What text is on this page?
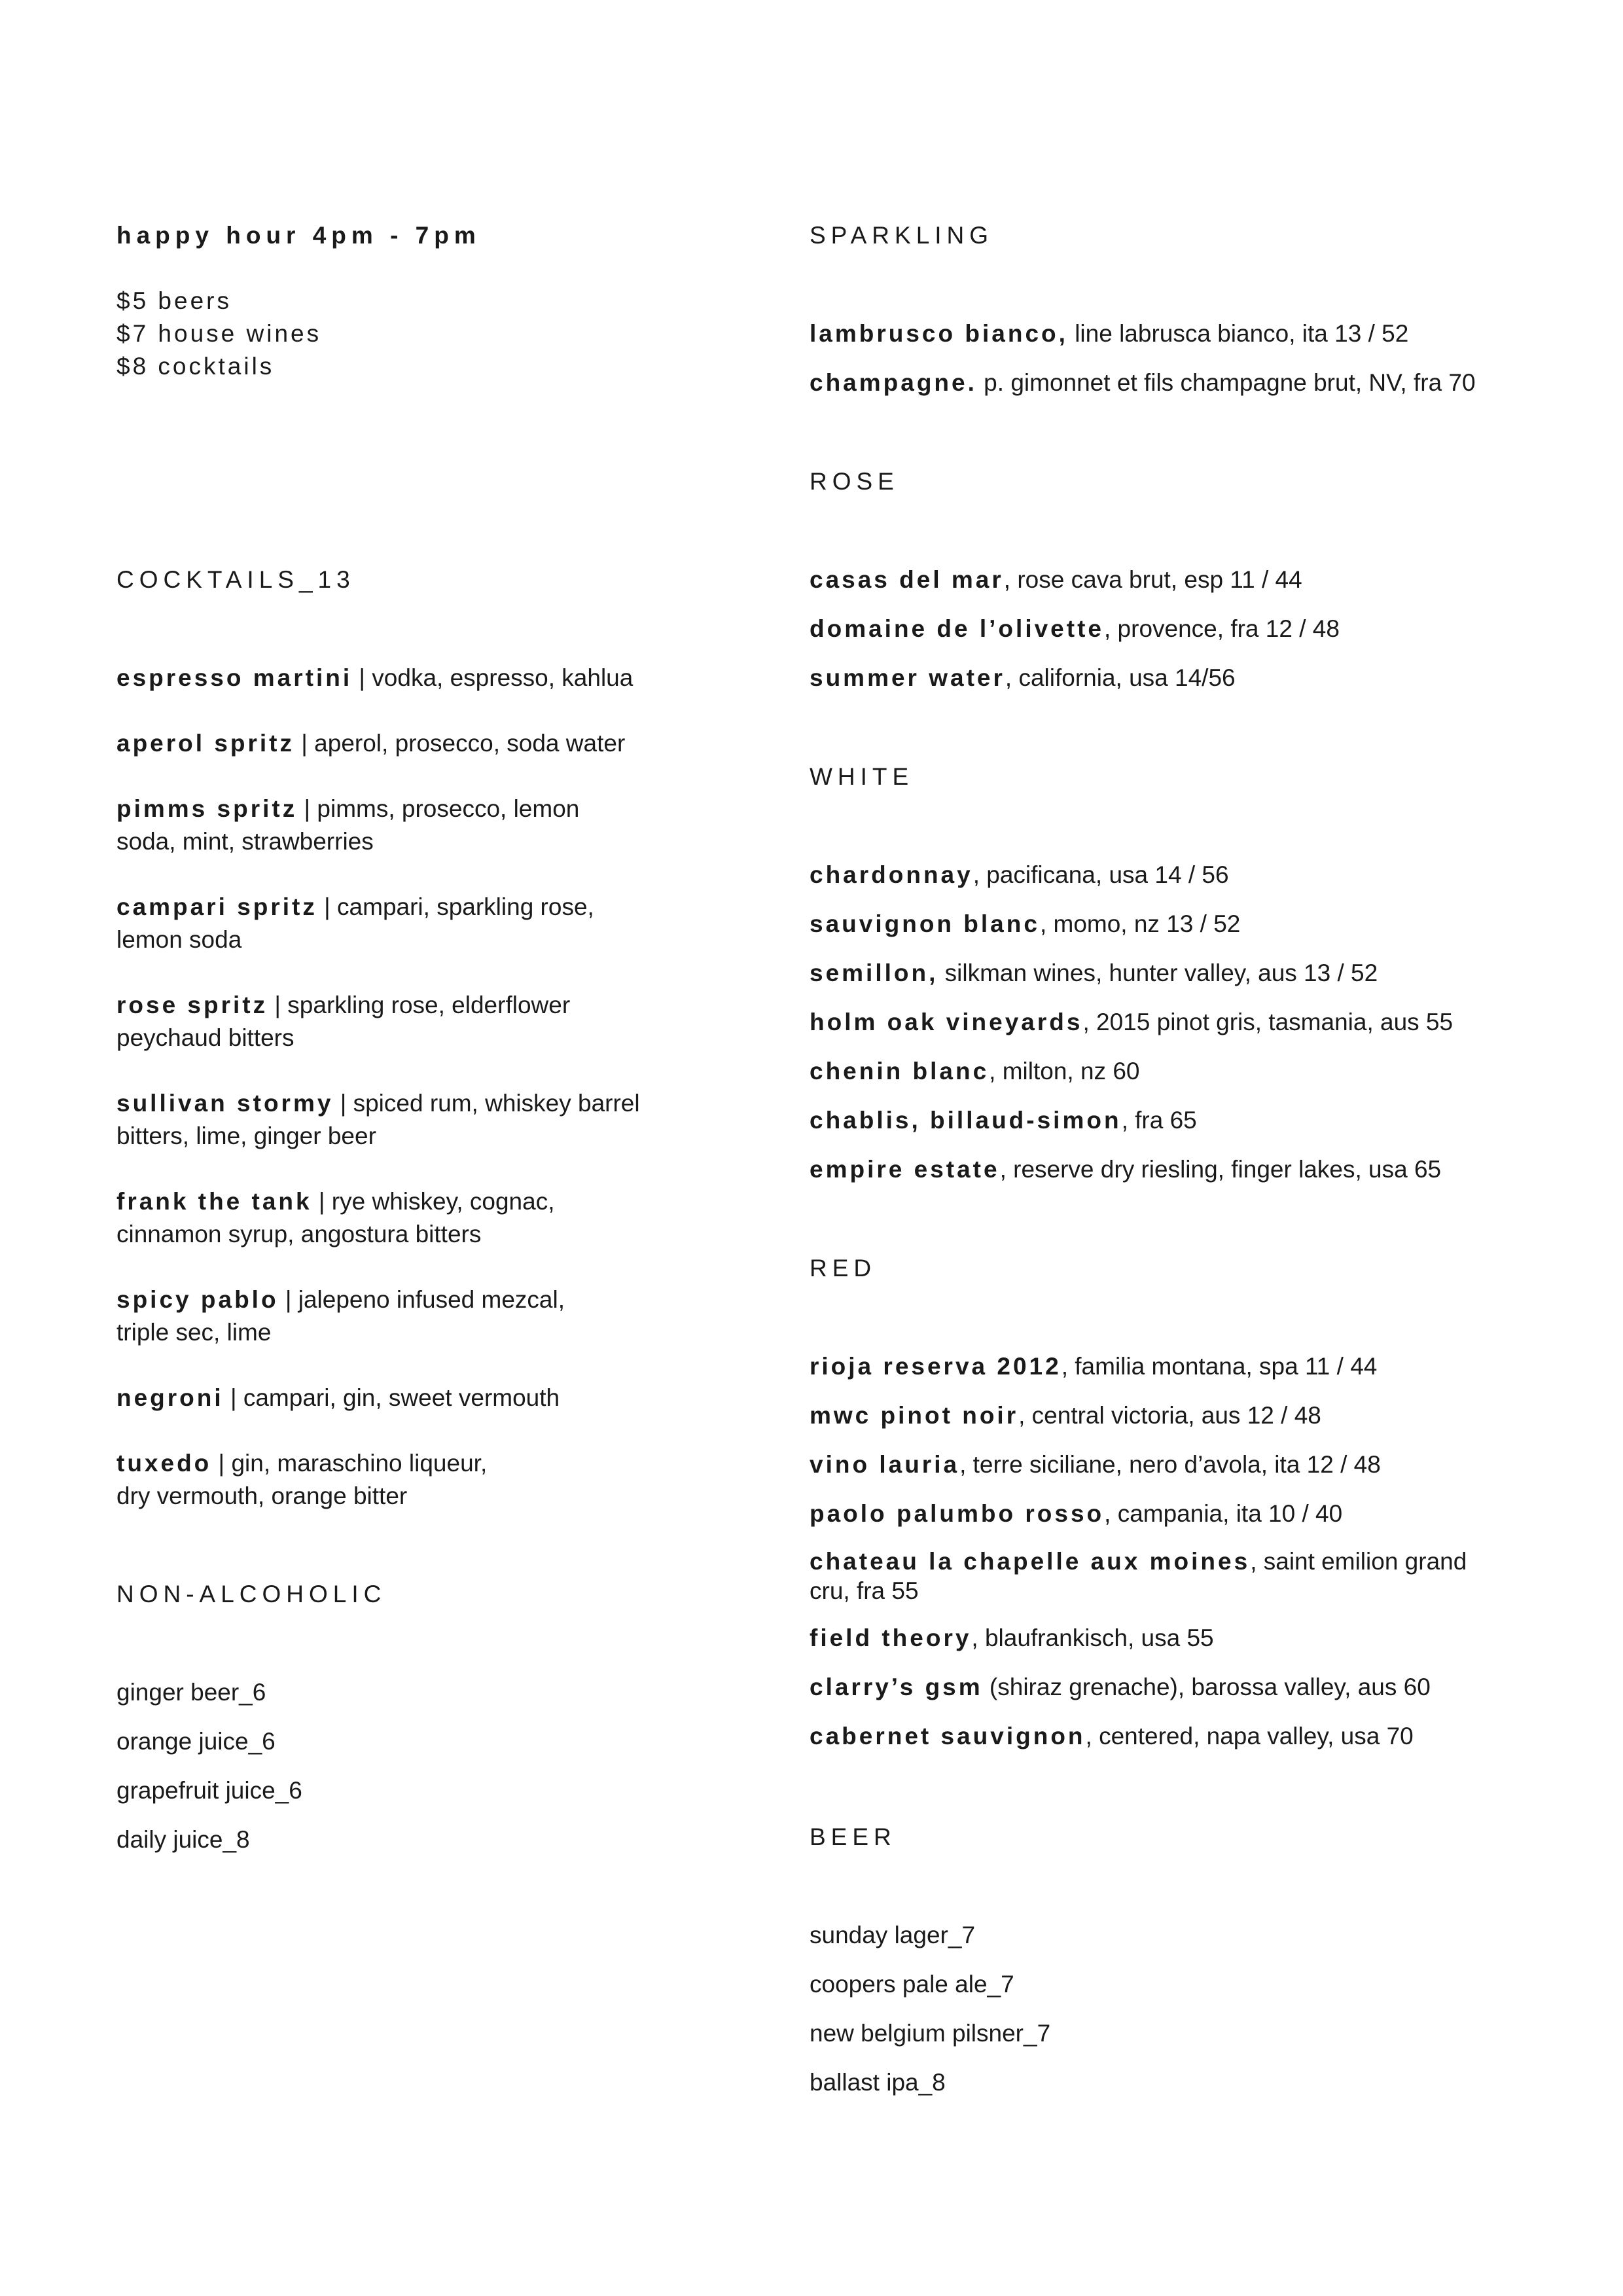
happy hour 4pm - 7pm

$5 beers

$7 house wines

$8 cocktails

COCKTAILS_13

espresso martini | vodka, espresso, kahlua

aperol spritz | aperol, prosecco, soda water

pimms spritz | pimms, prosecco, lemon
soda, mint, strawberries

campari spritz | campari, sparkling rose,
lemon soda

rose spritz | sparkling rose, elderflower
peychaud bitters

sullivan stormy | spiced rum, whiskey barrel
bitters, lime, ginger beer

frank the tank | rye whiskey, cognac,
cinnamon syrup, angostura bitters

spicy pablo | jalepeno infused mezcal,
triple sec, lime

negroni | campari, gin, sweet vermouth

tuxedo | gin, maraschino liqueur,
dry vermouth, orange bitter

NON-ALCOHOLIC

ginger beer_6

orange juice_6

grapefruit juice_6

daily juice_8

SPARKLING

lambrusco bianco, line labrusca bianco, ita 13 / 52

champagne. p. gimonnet et fils champagne brut, NV, fra 70

ROSE

casas del mar, rose cava brut, esp 11 / 44

domaine de l’olivette, provence, fra 12 / 48

summer water, california, usa 14/56

WHITE

chardonnay, pacificana, usa 14 / 56

sauvignon blanc, momo, nz 13 / 52

semillon, silkman wines, hunter valley, aus 13 / 52

holm oak vineyards, 2015 pinot gris, tasmania, aus 55

chenin blanc, milton, nz 60

chablis, billaud-simon, fra 65

empire estate, reserve dry riesling, finger lakes, usa 65

RED

rioja reserva 2012, familia montana, spa 11 / 44

mwc pinot noir, central victoria, aus 12 / 48

vino lauria, terre siciliane, nero d’avola, ita 12 / 48

paolo palumbo rosso, campania, ita 10 / 40

chateau la chapelle aux moines, saint emilion grand
cru, fra 55

field theory, blaufrankisch, usa 55

clarry’s gsm (shiraz grenache), barossa valley, aus 60

cabernet sauvignon, centered, napa valley, usa 70

BEER

sunday lager_7

coopers pale ale_7

new belgium pilsner_7

ballast ipa_8
